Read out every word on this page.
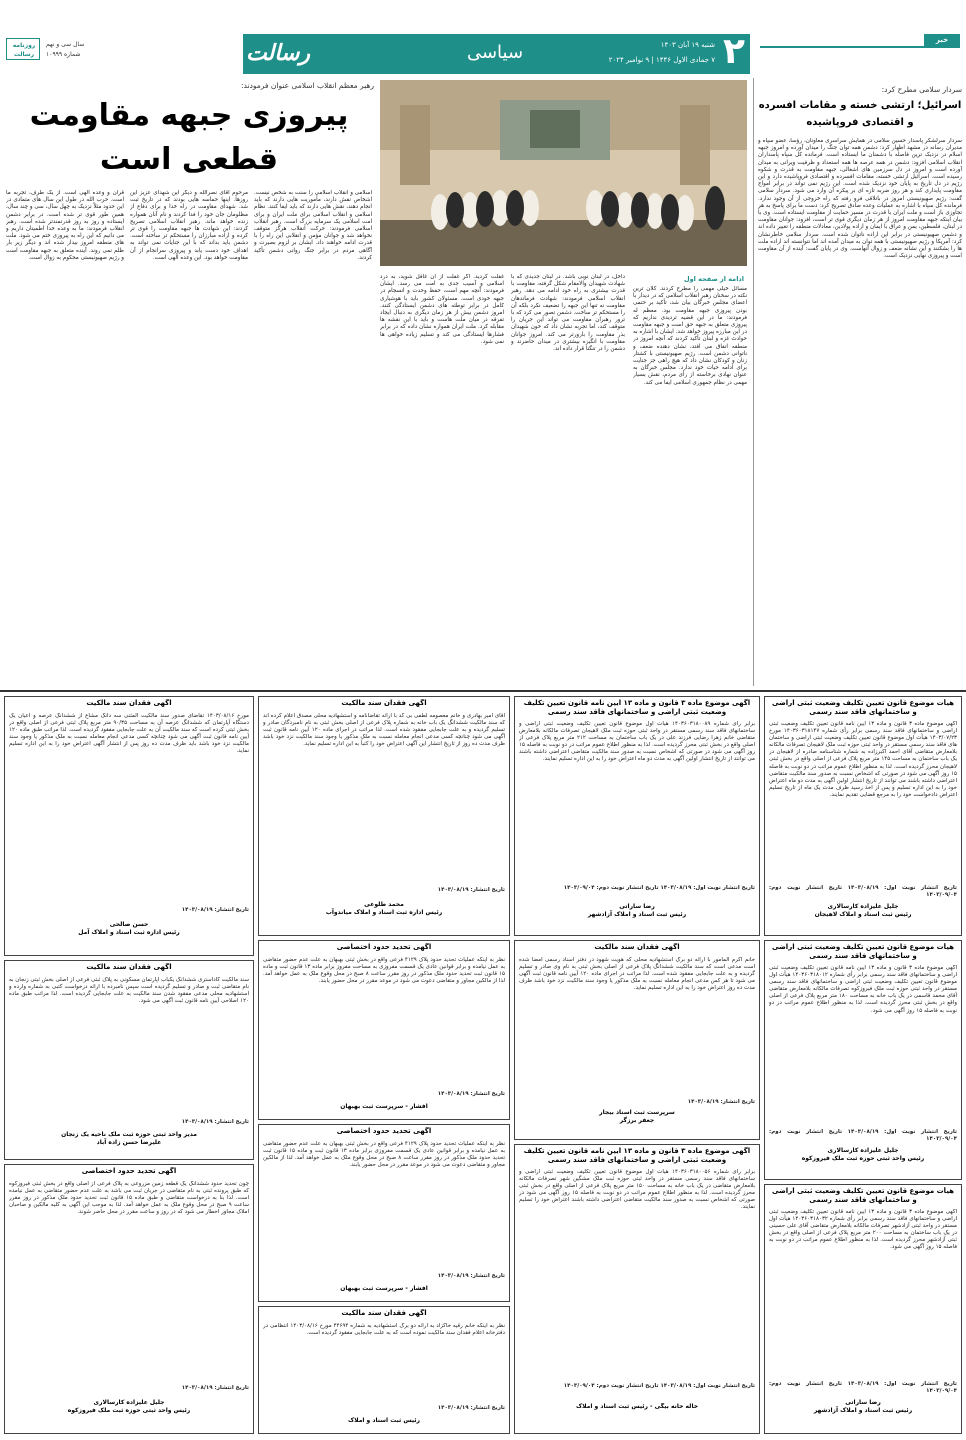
روزنامه رسالت
سال سی و نهم
شماره ۱۰۹۹۹	رسالت	سیاسی	شنبه ۱۹ آبان ۱۴۰۳
۷ جمادی الاول ۱۴۴۶ | ۹ نوامبر ۲۰۲۴ ۲	خبر
سردار سلامی مطرح کرد:
اسرائیل؛ ارتشی خسته و مقامات افسرده و اقتصادی فروپاشیده
سردار سرلشکر پاسدار حسین سلامی در همایش سراسری معاونان، رؤسا، عضو سپاه و مدیران رسانه در مشهد اظهار کرد: دشمن همه توان جنگ را میدان آورده و امروز جبهه اسلام در نزدیک ترین فاصله با دشمنان ما ایستاده است. فرمانده کل سپاه پاسداران انقلاب اسلامی افزود: دشمن در همه عرصه ها همه استعداد و ظرفیت ویرانی به میدان آورده است و امروز در دل سرزمین های اشغالی، جبهه مقاومت به قدرت و شکوه رسیده است. اسرائیل ارتشی خسته، مقامات افسرده و اقتصادی فروپاشیده دارد و این رژیم در دل تاریخ به پایان خود نزدیک شده است. این رژیم نمی تواند در برابر امواج مقاومت پایداری کند و هر روز ضربه تازه ای بر پیکره آن وارد می شود. سردار سلامی گفت: رژیم صهیونیستی امروز در باتلاقی فرو رفته که راه خروجی از آن وجود ندارد. فرمانده کل سپاه با اشاره به عملیات وعده صادق تصریح کرد: دست ما برای پاسخ به هر تجاوزی باز است و ملت ایران با قدرت در مسیر حمایت از مقاومت ایستاده است. وی با بیان اینکه جبهه مقاومت امروز از هر زمان دیگری قوی تر است، افزود: جوانان مقاومت در لبنان، فلسطین، یمن و عراق با ایمان و اراده پولادین، معادلات منطقه را تغییر داده اند و دشمن صهیونیستی در برابر این اراده ناتوان شده است. سردار سلامی خاطرنشان کرد: آمریکا و رژیم صهیونیستی با همه توان به میدان آمده اند اما نتوانسته اند اراده ملت ها را بشکنند و این نشانه ضعف و زوال آنهاست. وی در پایان گفت: آینده از آن مقاومت است و پیروزی نهایی نزدیک است.
رهبر معظم انقلاب اسلامی عنوان فرمودند:
پیروزی جبهه مقاومت
قطعی است
ادامه از صفحه اول
مسائل خیلی مهمی را مطرح کردند. کلان ترین نکته در سخنان رهبر انقلاب اسلامی که در دیدار با اعضای مجلس خبرگان بیان شد، تأکید بر حتمی بودن پیروزی جبهه مقاومت بود. معظم له فرمودند: ما در این قضیه تردیدی نداریم که پیروزی متعلق به جبهه حق است و جبهه مقاومت در این مبارزه پیروز خواهد شد. ایشان با اشاره به حوادث غزه و لبنان تأکید کردند که آنچه امروز در منطقه اتفاق می افتد، نشان دهنده ضعف و ناتوانی دشمن است. رژیم صهیونیستی با کشتار زنان و کودکان نشان داد که هیچ راهی جز جنایت برای ادامه حیات خود ندارد. مجلس خبرگان به عنوان نهادی برخاسته از رأی مردم، نقش بسیار مهمی در نظام جمهوری اسلامی ایفا می کند.
داخل، در لبنان نوبی باشد. در لبنان جدیدی که با شهادت شهیدان والامقام شکل گرفته، مقاومت با قدرت بیشتری به راه خود ادامه می دهد. رهبر انقلاب اسلامی فرمودند: شهادت فرماندهان مقاومت نه تنها این جبهه را تضعیف نکرد بلکه آن را مستحکم تر ساخت. دشمن تصور می کرد که با ترور رهبران مقاومت می تواند این جریان را متوقف کند، اما تجربه نشان داد که خون شهیدان بذر مقاومت را بارورتر می کند. امروز جوانان مقاومت با انگیزه بیشتری در میدان حاضرند و دشمن را در تنگنا قرار داده اند.
غفلت کردید. اگر غفلت از آن غافل شوید، به درد اسلامی و آسیب جدی به امت می رسد. ایشان فرمودند: آنچه مهم است، حفظ وحدت و انسجام در جبهه خودی است. مسئولان کشور باید با هوشیاری کامل در برابر توطئه های دشمن ایستادگی کنند. امروز دشمن بیش از هر زمان دیگری به دنبال ایجاد تفرقه در میان ملت هاست و باید با این نقشه ها مقابله کرد. ملت ایران همواره نشان داده که در برابر فشارها ایستادگی می کند و تسلیم زیاده خواهی ها نمی شود.
اسلامی و انقلاب اسلامی را سنت به شخص نیست. اشخاص نقش دارند، مأموریت هایی دارند که باید انجام دهند، نقش هایی دارند که باید ایفا کنند. نظام اسلامی و انقلاب اسلامی برای ملت ایران و برای امت اسلامی یک سرمایه بزرگ است. رهبر انقلاب اسلامی فرمودند: حرکت انقلاب هرگز متوقف نخواهد شد و جوانان مؤمن و انقلابی این راه را با قدرت ادامه خواهند داد. ایشان بر لزوم بصیرت و آگاهی مردم در برابر جنگ روانی دشمن تأکید کردند.
مرحوم آقای نصرالله و دیگر این شهدای عزیز این روزها. اینها حماسه هایی بودند که در تاریخ ثبت شد. شهدای مقاومت در راه خدا و برای دفاع از مظلومان جان خود را فدا کردند و نام آنان همواره زنده خواهد ماند. رهبر انقلاب اسلامی تصریح کردند: این شهادت ها جبهه مقاومت را قوی تر کرده و اراده مبارزان را مستحکم تر ساخته است. دشمن باید بداند که با این جنایات نمی تواند به اهداف خود دست یابد و پیروزی سرانجام از آن مقاومت خواهد بود. این وعده الهی است.
قرآن و وعده الهی است. از یک طرف، تجربه ما است. حرب الله در طول این سال های متمادی در این حدود مثلاً نزدیک به چهل سال، سی و چند سال، همین طور قوی تر شده است. در برابر دشمن ایستاده و روز به روز قدرتمندتر شده است. رهبر انقلاب فرمودند: ما به وعده خدا اطمینان داریم و می دانیم که این راه به پیروزی ختم می شود. ملت های منطقه امروز بیدار شده اند و دیگر زیر بار ظلم نمی روند. آینده متعلق به جبهه مقاومت است و رژیم صهیونیستی محکوم به زوال است.
هیأت موضوع قانون تعیین تکلیف وضعیت ثبتی اراضی و ساختمانهای فاقد سند رسمی
آگهی موضوع ماده ۳ قانون و ماده ۱۳ آیین نامه قانون تعیین تکلیف وضعیت ثبتی اراضی و ساختمانهای فاقد سند رسمی برابر رأی شماره ۱۴۰۳۶۰۳۱۸۱۴۷ مورخ ۱۴۰۳/۰۷/۲۳ هیأت اول موضوع قانون تعیین تکلیف وضعیت ثبتی اراضی و ساختمان های فاقد سند رسمی مستقر در واحد ثبتی حوزه ثبت ملک لاهیجان تصرفات مالکانه بلامعارض متقاضی آقای احمد اکبرزاده به شماره شناسنامه صادره از لاهیجان در یک باب ساختمان به مساحت ۱۴۵ متر مربع پلاک فرعی از اصلی واقع در بخش ثبتی لاهیجان محرز گردیده است. لذا به منظور اطلاع عموم مراتب در دو نوبت به فاصله ۱۵ روز آگهی می شود در صورتی که اشخاص نسبت به صدور سند مالکیت متقاضی اعتراضی داشته باشند می توانند از تاریخ انتشار اولین آگهی به مدت دو ماه اعتراض خود را به این اداره تسلیم و پس از اخذ رسید ظرف مدت یک ماه از تاریخ تسلیم اعتراض دادخواست خود را به مرجع قضایی تقدیم نمایند.
تاریخ انتشار نوبت اول: ۱۴۰۳/۰۸/۱۹ تاریخ انتشار نوبت دوم: ۱۴۰۳/۰۹/۰۴
جلیل علیزاده کارسالاری
رئیس ثبت اسناد و املاک لاهیجان
هیأت موضوع قانون تعیین تکلیف وضعیت ثبتی اراضی و ساختمانهای فاقد سند رسمی
آگهی موضوع ماده ۳ قانون و ماده ۱۳ آیین نامه قانون تعیین تکلیف وضعیت ثبتی اراضی و ساختمانهای فاقد سند رسمی برابر رأی شماره ۱۴۰۳۶۰۳۱۸۰۱۲ هیأت اول موضوع قانون تعیین تکلیف وضعیت ثبتی اراضی و ساختمانهای فاقد سند رسمی مستقر در واحد ثبتی حوزه ثبت ملک فیروزکوه تصرفات مالکانه بلامعارض متقاضی آقای محمد قاسمی در یک باب خانه به مساحت ۱۸۰ متر مربع پلاک فرعی از اصلی واقع در بخش ثبتی محرز گردیده است. لذا به منظور اطلاع عموم مراتب در دو نوبت به فاصله ۱۵ روز آگهی می شود.
تاریخ انتشار نوبت اول: ۱۴۰۳/۰۸/۱۹ تاریخ انتشار نوبت دوم: ۱۴۰۳/۰۹/۰۴
جلیل علیزاده کارسالاری
رئیس واحد ثبتی حوزه ثبت ملک فیروزکوه
هیأت موضوع قانون تعیین تکلیف وضعیت ثبتی اراضی و ساختمانهای فاقد سند رسمی
آگهی موضوع ماده ۳ قانون و ماده ۱۳ آیین نامه قانون تعیین تکلیف وضعیت ثبتی اراضی و ساختمانهای فاقد سند رسمی برابر رأی شماره ۱۴۰۳۶۰۳۱۸۰۳۲ هیأت اول مستقر در واحد ثبتی آزادشهر تصرفات مالکانه بلامعارض متقاضی آقای علی حسینی در یک باب ساختمان به مساحت ۲۰۰ متر مربع پلاک فرعی از اصلی واقع در بخش ثبتی آزادشهر محرز گردیده است. لذا به منظور اطلاع عموم مراتب در دو نوبت به فاصله ۱۵ روز آگهی می شود.
تاریخ انتشار نوبت اول: ۱۴۰۳/۰۸/۱۹ تاریخ انتشار نوبت دوم: ۱۴۰۳/۰۹/۰۴
رضا ساراتی
رئیس ثبت اسناد و املاک آزادشهر
آگهی موضوع ماده ۳ قانون و ماده ۱۳ آیین نامه قانون تعیین تکلیف وضعیت ثبتی اراضی و ساختمانهای فاقد سند رسمی
برابر رأی شماره ۱۴۰۳۶۰۳۱۸۰۰۸۹ هیأت اول موضوع قانون تعیین تکلیف وضعیت ثبتی اراضی و ساختمانهای فاقد سند رسمی مستقر در واحد ثبتی حوزه ثبت ملک لاهیجان تصرفات مالکانه بلامعارض متقاضی خانم زهرا رضایی فرزند علی در یک باب ساختمان به مساحت ۲۱۲ متر مربع پلاک فرعی از اصلی واقع در بخش ثبتی محرز گردیده است. لذا به منظور اطلاع عموم مراتب در دو نوبت به فاصله ۱۵ روز آگهی می شود در صورتی که اشخاص نسبت به صدور سند مالکیت متقاضی اعتراضی داشته باشند می توانند از تاریخ انتشار اولین آگهی به مدت دو ماه اعتراض خود را به این اداره تسلیم نمایند.
تاریخ انتشار نوبت اول: ۱۴۰۳/۰۸/۱۹ تاریخ انتشار نوبت دوم: ۱۴۰۳/۰۹/۰۴
رضا ساراتی
رئیس ثبت اسناد و املاک آزادشهر
آگهی فقدان سند مالکیت
خانم اکرم المأمور با ارائه دو برگ استشهادیه محلی که هویت شهود در دفتر اسناد رسمی امضا شده است مدعی است که سند مالکیت ششدانگ پلاک فرعی از اصلی بخش ثبتی به نام وی صادر و تسلیم گردیده و به علت جابجایی مفقود شده است. لذا مراتب در اجرای ماده ۱۲۰ آیین نامه قانون ثبت آگهی می شود تا هر کس مدعی انجام معامله نسبت به ملک مذکور یا وجود سند مالکیت نزد خود باشد ظرف مدت ده روز اعتراض خود را به این اداره تسلیم نماید.
تاریخ انتشار: ۱۴۰۳/۰۸/۱۹
سرپرست ثبت اسناد بیجار
جعفر برزگر
آگهی موضوع ماده ۳ قانون و ماده ۱۳ آیین نامه قانون تعیین تکلیف وضعیت ثبتی اراضی و ساختمانهای فاقد سند رسمی
برابر رأی شماره ۱۴۰۳۶۰۳۱۸۰۰۵۶ هیأت اول موضوع قانون تعیین تکلیف وضعیت ثبتی اراضی و ساختمانهای فاقد سند رسمی مستقر در واحد ثبتی حوزه ثبت ملک مشگین شهر تصرفات مالکانه بلامعارض متقاضی در یک باب خانه به مساحت ۱۵۰ متر مربع پلاک فرعی از اصلی واقع در بخش ثبتی محرز گردیده است. لذا به منظور اطلاع عموم مراتب در دو نوبت به فاصله ۱۵ روز آگهی می شود در صورتی که اشخاص نسبت به صدور سند مالکیت متقاضی اعتراضی داشته باشند اعتراض خود را تسلیم نمایند.
تاریخ انتشار نوبت اول: ۱۴۰۳/۰۸/۱۹ تاریخ انتشار نوبت دوم: ۱۴۰۳/۰۹/۰۴
خاله خانه بیگی - رئیس ثبت اسناد و املاک
آگهی فقدان سند مالکیت
آقای امیر بهادری و خانم معصومه لطفی بی کد با ارائه تقاضانامه و استشهادیه محلی مصدق اعلام کرده اند که سند مالکیت ششدانگ یک باب خانه به شماره پلاک فرعی از اصلی بخش ثبتی به نام نامبردگان صادر و تسلیم گردیده و به علت جابجایی مفقود شده است. لذا مراتب در اجرای ماده ۱۲۰ آیین نامه قانون ثبت آگهی می شود چنانچه کسی مدعی انجام معامله نسبت به ملک مذکور یا وجود سند مالکیت نزد خود باشد ظرف مدت ده روز از تاریخ انتشار این آگهی اعتراض خود را کتباً به این اداره تسلیم نماید.
تاریخ انتشار: ۱۴۰۳/۰۸/۱۹
محمد طلوعی
رئیس اداره ثبت اسناد و املاک میاندوآب
آگهی تحدید حدود اختصاصی
نظر به اینکه عملیات تحدید حدود پلاک ۴۱۲۹ فرعی واقع در بخش ثبتی بهبهان به علت عدم حضور متقاضی به عمل نیامده و برابر قوانین عادی یک قسمت مفروزی به مساحت مفروز برابر ماده ۱۳ قانون ثبت و ماده ۱۵ قانون ثبت تحدید حدود ملک مذکور در روز مقرر ساعت ۸ صبح در محل وقوع ملک به عمل خواهد آمد. لذا از مالکین مجاور و متقاضی دعوت می شود در موعد مقرر در محل حضور یابند.
تاریخ انتشار: ۱۴۰۳/۰۸/۱۹
افشار - سرپرست ثبت بهبهان
آگهی تحدید حدود اختصاصی
نظر به اینکه عملیات تحدید حدود پلاک ۴۱۲۹ فرعی واقع در بخش ثبتی بهبهان به علت عدم حضور متقاضی به عمل نیامده و برابر قوانین عادی یک قسمت مفروزی برابر ماده ۱۳ قانون ثبت و ماده ۱۵ قانون ثبت تحدید حدود ملک مذکور در روز مقرر ساعت ۸ صبح در محل وقوع ملک به عمل خواهد آمد. لذا از مالکین مجاور و متقاضی دعوت می شود در موعد مقرر در محل حضور یابند.
تاریخ انتشار: ۱۴۰۳/۰۸/۱۹
افشار - سرپرست ثبت بهبهان
آگهی فقدان سند مالکیت
نظر به اینکه خانم رقیه خاکزاد به ارائه دو برگ استشهادیه به شماره ۴۴۶۹۴ مورخ ۱۴۰۳/۰۸/۱۶ انتظامی در دفترخانه اعلام فقدان سند مالکیت نموده است که به علت جابجایی مفقود گردیده است.
تاریخ انتشار: ۱۴۰۳/۰۸/۱۹
رئیس ثبت اسناد و املاک
آگهی فقدان سند مالکیت
مورخ ۱۴۰۳/۰۸/۱۶ تقاضای صدور سند مالکیت المثنی سه دانگ مشاع از ششدانگ عرصه و اعیان یک دستگاه آپارتمان که ششدانگ عرصه آن به مساحت ۹۰/۳۵ متر مربع پلاک ثبتی فرعی از اصلی واقع در بخش ثبتی کرده است که سند مالکیت آن به علت جابجایی مفقود گردیده است. لذا مراتب طبق ماده ۱۲۰ آیین نامه قانون ثبت آگهی می شود چنانچه کسی مدعی انجام معامله نسبت به ملک مذکور یا وجود سند مالکیت نزد خود باشد باید ظرف مدت ده روز پس از انتشار آگهی اعتراض خود را به این اداره تسلیم نماید.
تاریخ انتشار: ۱۴۰۳/۰۸/۱۹
حسن صالحی
رئیس اداره ثبت اسناد و املاک آمل
آگهی فقدان سند مالکیت
سند مالکیت کاداستری ششدانگ یکباب آپارتمان مسکونی به پلاک ثبتی فرعی از اصلی بخش ثبتی زنجان به نام متقاضی ثبت و صادر و تسلیم گردیده است سپس نامبرده با ارائه درخواست کتبی به شماره وارده و استشهادیه محلی مدعی مفقود شدن سند مالکیت به علت جابجایی گردیده است. لذا مراتب طبق ماده ۱۲۰ اصلاحی آیین نامه قانون ثبت آگهی می شود.
تاریخ انتشار: ۱۴۰۳/۰۸/۱۹
مدیر واحد ثبتی حوزه ثبت ملک ناحیه یک زنجان
علیرضا حسن زاده آباد
آگهی تحدید حدود اختصاصی
چون تحدید حدود ششدانگ یک قطعه زمین مزروعی به پلاک فرعی از اصلی واقع در بخش ثبتی فیروزکوه که طبق پرونده ثبتی به نام متقاضی در جریان ثبت می باشد به علت عدم حضور متقاضی به عمل نیامده است. لذا بنا به درخواست متقاضی و طبق ماده ۱۵ قانون ثبت تحدید حدود ملک مذکور در روز مقرر ساعت ۹ صبح در محل وقوع ملک به عمل خواهد آمد. لذا به موجب این آگهی به کلیه مالکین و صاحبان املاک مجاور اخطار می شود که در روز و ساعت مقرر در محل حاضر شوند.
تاریخ انتشار: ۱۴۰۳/۰۸/۱۹
جلیل علیزاده کارسالاری
رئیس واحد ثبتی حوزه ثبت ملک فیروزکوه
